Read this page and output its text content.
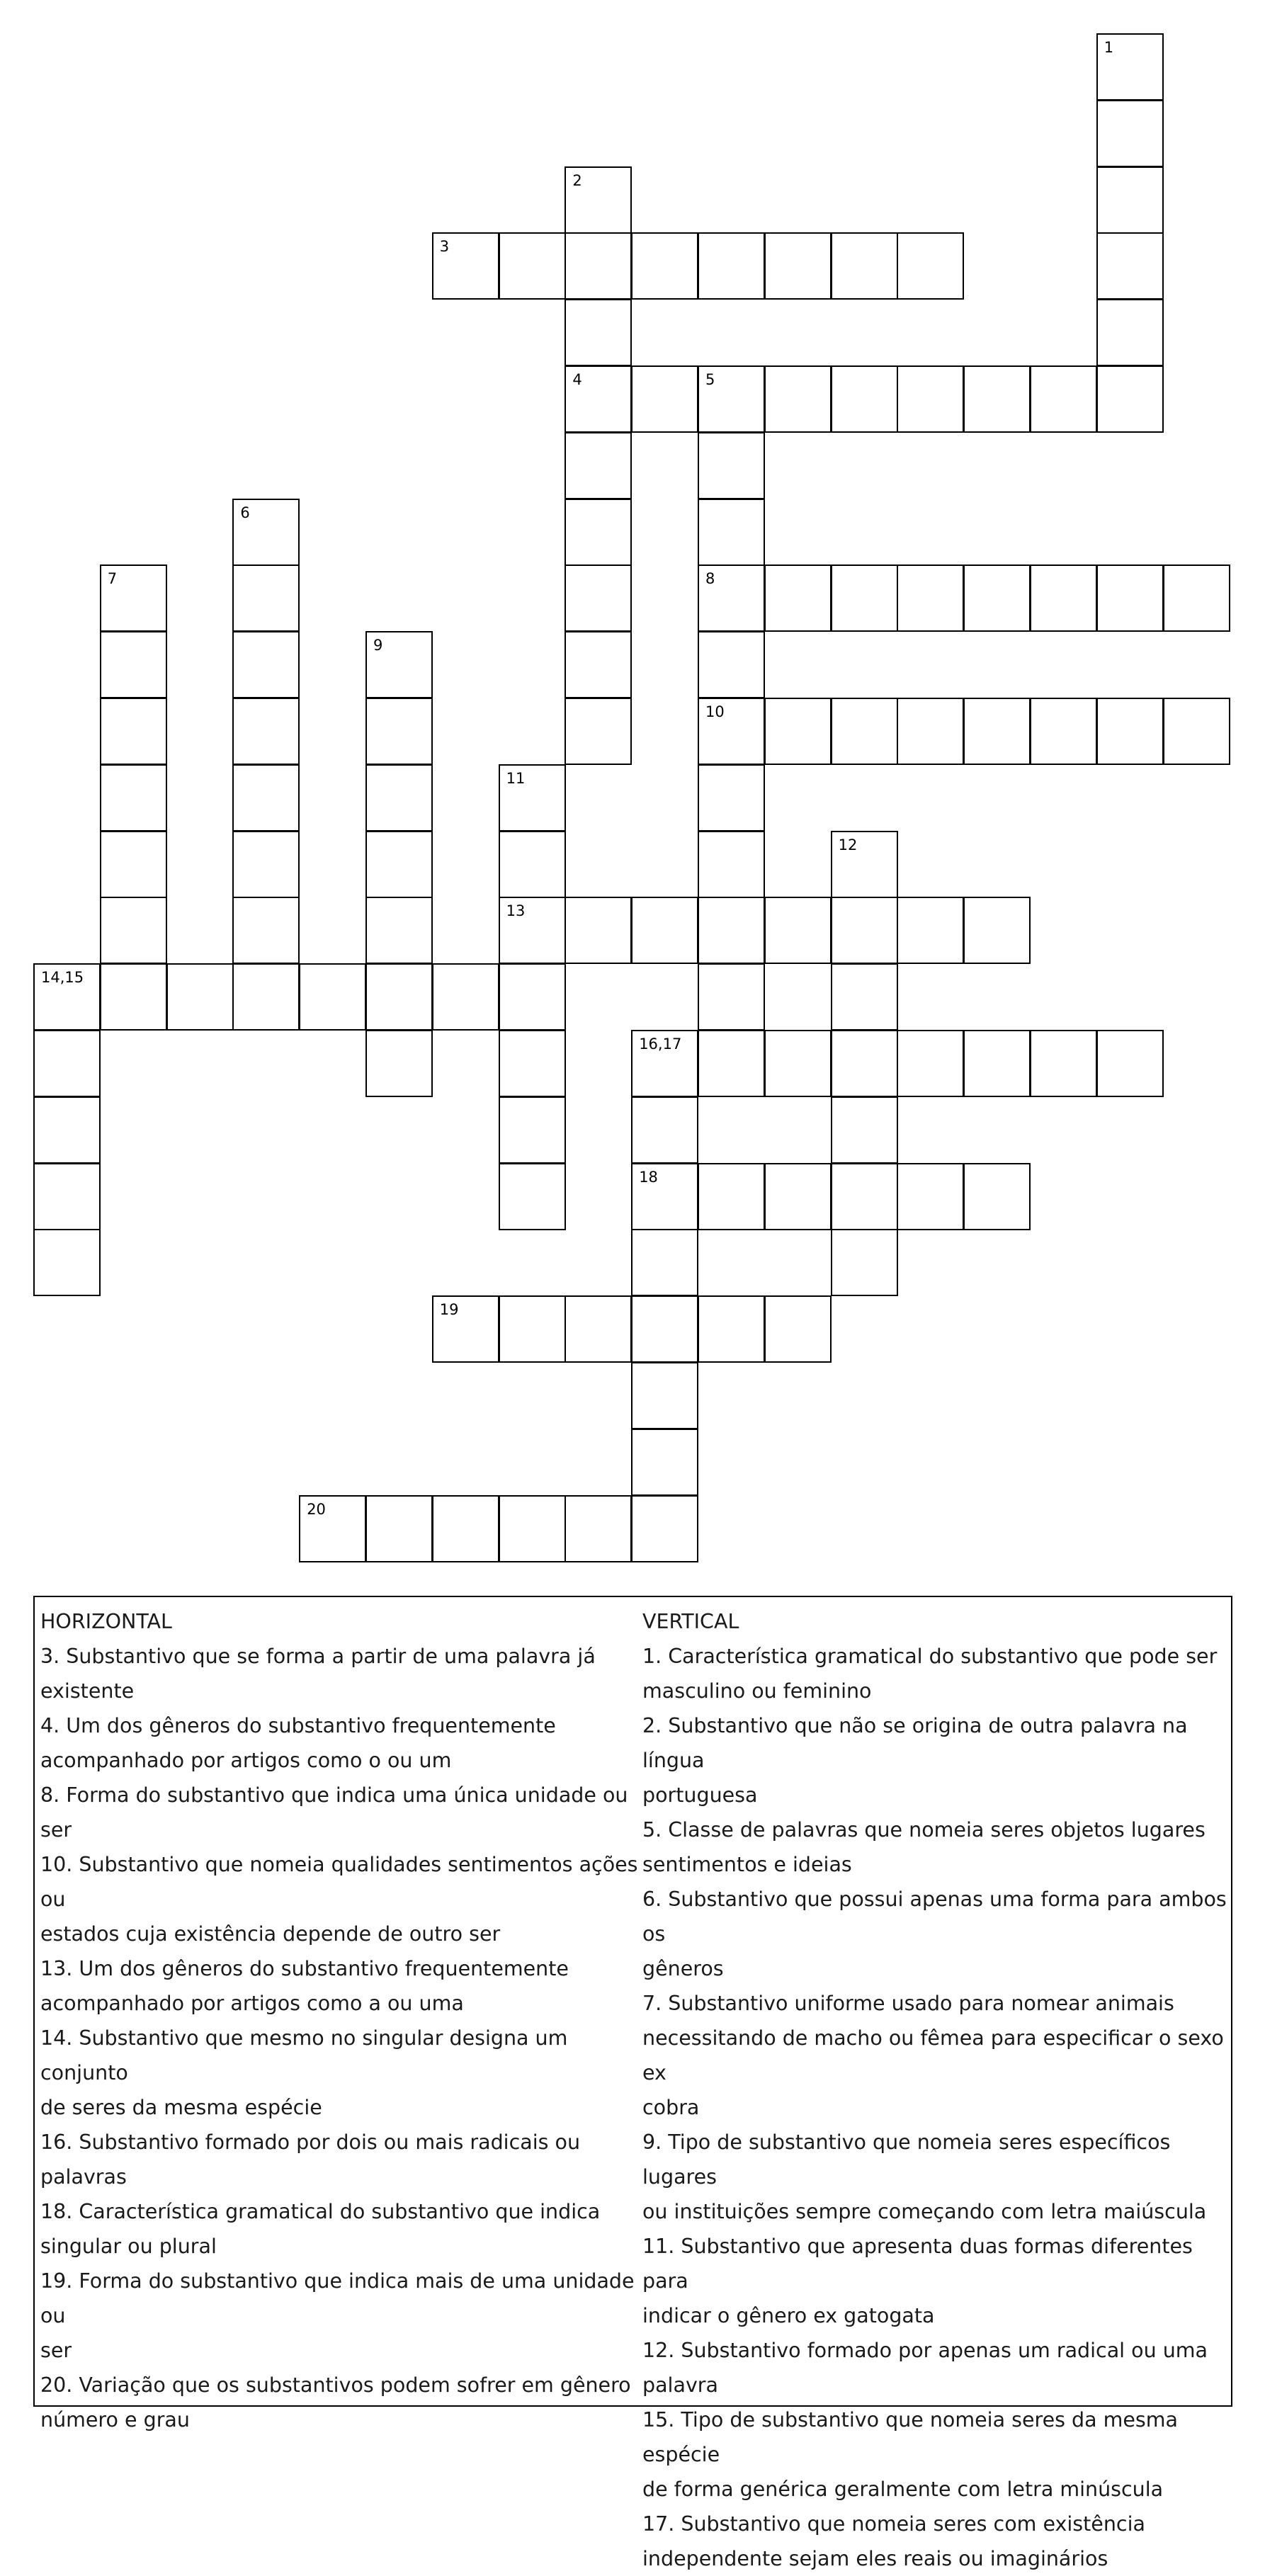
1
2
3
4	5
6
7	8
9
10
11
12
13
14,15
16,17
18
19
20
HORIZONTAL
3. Substantivo que se forma a partir de uma palavra já
existente
4. Um dos gêneros do substantivo frequentemente
acompanhado por artigos como o ou um
8. Forma do substantivo que indica uma única unidade ou ser
10. Substantivo que nomeia qualidades sentimentos ações ou
estados cuja existência depende de outro ser
13. Um dos gêneros do substantivo frequentemente
acompanhado por artigos como a ou uma
14. Substantivo que mesmo no singular designa um conjunto
de seres da mesma espécie
16. Substantivo formado por dois ou mais radicais ou
palavras
18. Característica gramatical do substantivo que indica
singular ou plural
19. Forma do substantivo que indica mais de uma unidade ou
ser
20. Variação que os substantivos podem sofrer em gênero
número e grau
VERTICAL
1. Característica gramatical do substantivo que pode ser
masculino ou feminino
2. Substantivo que não se origina de outra palavra na língua
portuguesa
5. Classe de palavras que nomeia seres objetos lugares
sentimentos e ideias
6. Substantivo que possui apenas uma forma para ambos os
gêneros
7. Substantivo uniforme usado para nomear animais
necessitando de macho ou fêmea para especificar o sexo ex
cobra
9. Tipo de substantivo que nomeia seres específicos lugares
ou instituições sempre começando com letra maiúscula
11. Substantivo que apresenta duas formas diferentes para
indicar o gênero ex gatogata
12. Substantivo formado por apenas um radical ou uma
palavra
15. Tipo de substantivo que nomeia seres da mesma espécie
de forma genérica geralmente com letra minúscula
17. Substantivo que nomeia seres com existência
independente sejam eles reais ou imaginários
